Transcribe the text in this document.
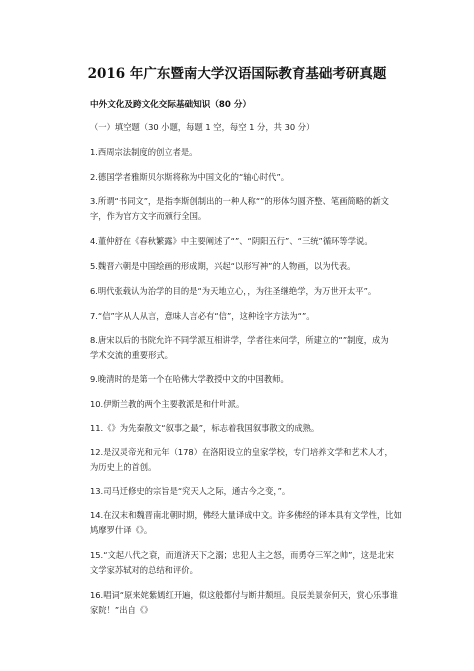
2016 年广东暨南大学汉语国际教育基础考研真题
中外文化及跨文化交际基础知识（80 分）
（一）填空题（30 小题，每题 1 空，每空 1 分，共 30 分）
1.西周宗法制度的创立者是。
2.德国学者雅斯贝尔斯将称为中国文化的“轴心时代”。
3.所谓“书同文”，是指李斯创制出的一种人称“”的形体匀圆齐整、笔画简略的新文
字，作为官方文字而颁行全国。
4.董仲舒在《春秋繁露》中主要阐述了“”、“阴阳五行”、“三统”循环等学说。
5.魏晋六朝是中国绘画的形成期，兴起“以形写神”的人物画，以为代表。
6.明代张载认为治学的目的是“为天地立心，，为往圣继绝学，为万世开太平”。
7.“信”字从人从言，意味人言必有“信”，这种诠字方法为“”。
8.唐宋以后的书院允许不同学派互相讲学，学者往来问学，所建立的“”制度，成为
学术交流的重要形式。
9.晚清时的是第一个在哈佛大学教授中文的中国教师。
10.伊斯兰教的两个主要教派是和什叶派。
11.《》为先秦散文“叙事之最”，标志着我国叙事散文的成熟。
12.是汉灵帝光和元年（178）在洛阳设立的皇家学校，专门培养文学和艺术人才，
为历史上的首创。
13.司马迁修史的宗旨是“究天人之际，通古今之变，”。
14.在汉末和魏晋南北朝时期，佛经大量译成中文。许多佛经的译本具有文学性，比如
鸠摩罗什译《》。
15.“文起八代之衰，而道济天下之溺；忠犯人主之怒，而勇夺三军之帅”，这是北宋
文学家苏轼对的总结和评价。
16.唱词“原来姹紫嫣红开遍，似这般都付与断井颓垣。良辰美景奈何天，赏心乐事谁
家院！”出自《》
